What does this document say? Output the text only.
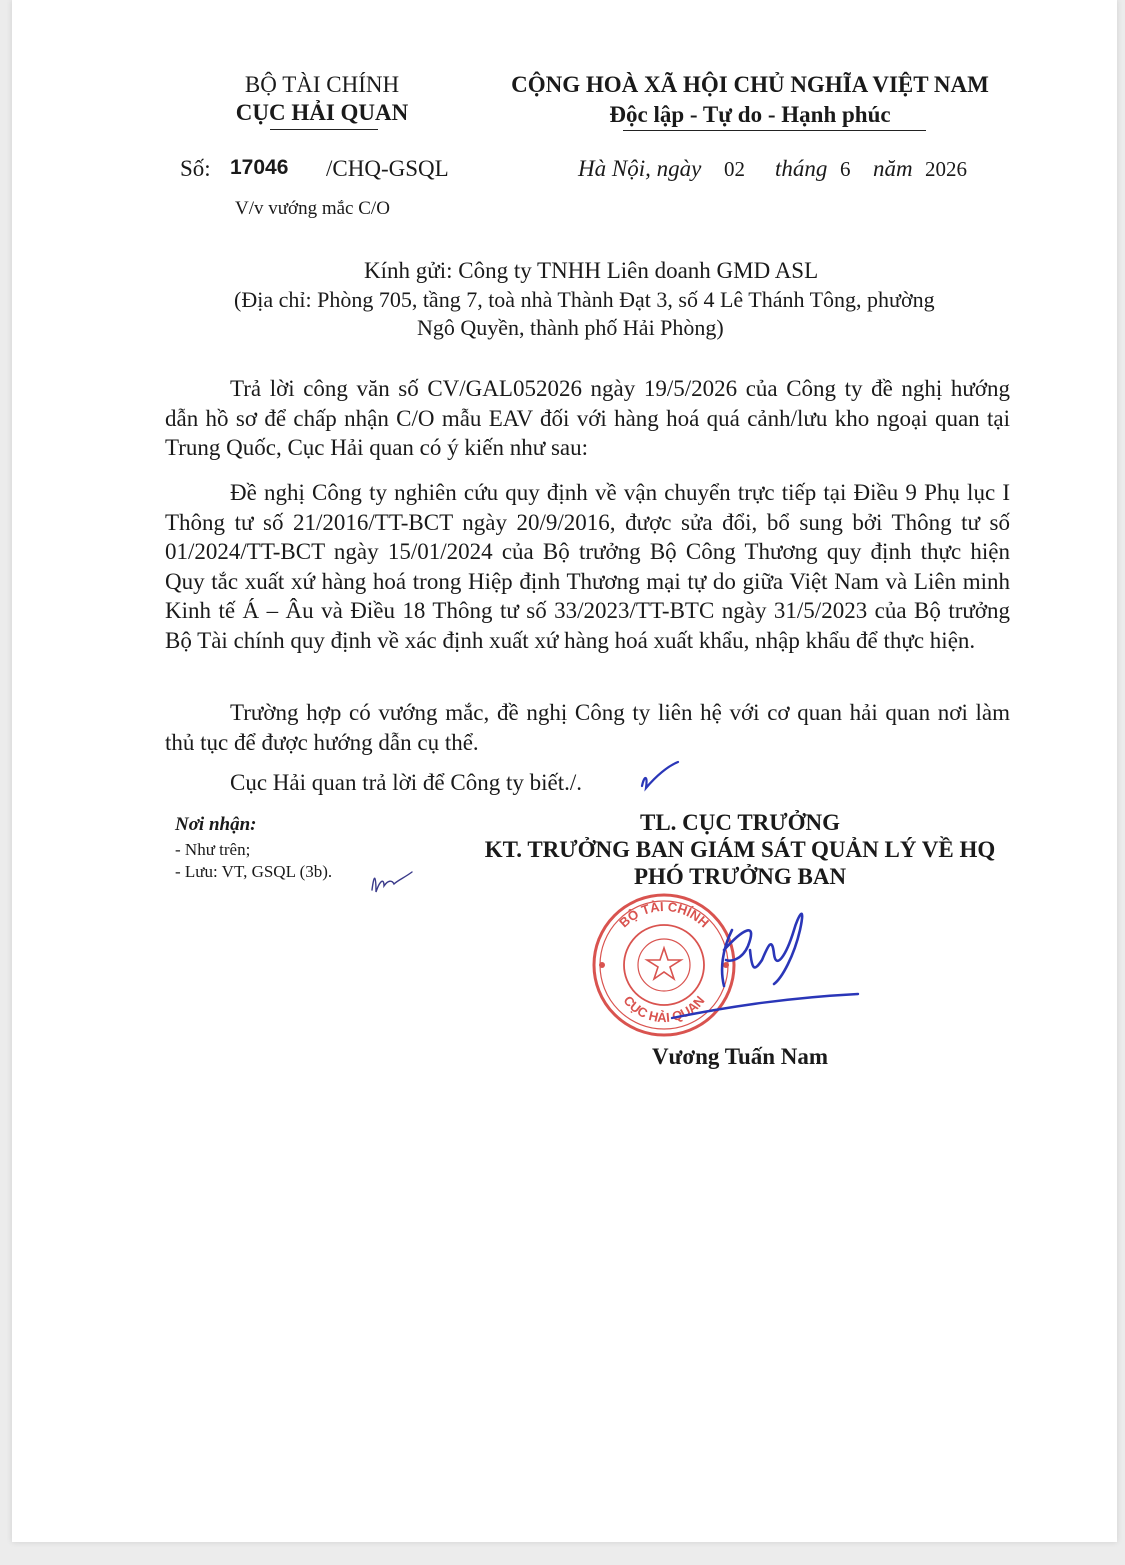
BỘ TÀI CHÍNH
CỤC HẢI QUAN
CỘNG HOÀ XÃ HỘI CHỦ NGHĨA VIỆT NAM
Độc lập - Tự do - Hạnh phúc
Số: 17046 /CHQ-GSQL
V/v vướng mắc C/O
Hà Nội, ngày 02 tháng 6 năm 2026
Kính gửi: Công ty TNHH Liên doanh GMD ASL
(Địa chỉ: Phòng 705, tầng 7, toà nhà Thành Đạt 3, số 4 Lê Thánh Tông, phường
Ngô Quyền, thành phố Hải Phòng)

Trả lời công văn số CV/GAL052026 ngày 19/5/2026 của Công ty đề nghị hướng dẫn hồ sơ để chấp nhận C/O mẫu EAV đối với hàng hoá quá cảnh/lưu kho ngoại quan tại Trung Quốc, Cục Hải quan có ý kiến như sau:

Đề nghị Công ty nghiên cứu quy định về vận chuyển trực tiếp tại Điều 9 Phụ lục I Thông tư số 21/2016/TT-BCT ngày 20/9/2016, được sửa đổi, bổ sung bởi Thông tư số 01/2024/TT-BCT ngày 15/01/2024 của Bộ trưởng Bộ Công Thương quy định thực hiện Quy tắc xuất xứ hàng hoá trong Hiệp định Thương mại tự do giữa Việt Nam và Liên minh Kinh tế Á – Âu và Điều 18 Thông tư số 33/2023/TT-BTC ngày 31/5/2023 của Bộ trưởng Bộ Tài chính quy định về xác định xuất xứ hàng hoá xuất khẩu, nhập khẩu để thực hiện.

Trường hợp có vướng mắc, đề nghị Công ty liên hệ với cơ quan hải quan nơi làm thủ tục để được hướng dẫn cụ thể.

Cục Hải quan trả lời để Công ty biết./.

Nơi nhận:
- Như trên;
- Lưu: VT, GSQL (3b).
TL. CỤC TRƯỞNG
KT. TRƯỞNG BAN GIÁM SÁT QUẢN LÝ VỀ HQ
PHÓ TRƯỞNG BAN
BỘ TÀI CHÍNH
CỤC HẢI QUAN
Vương Tuấn Nam
